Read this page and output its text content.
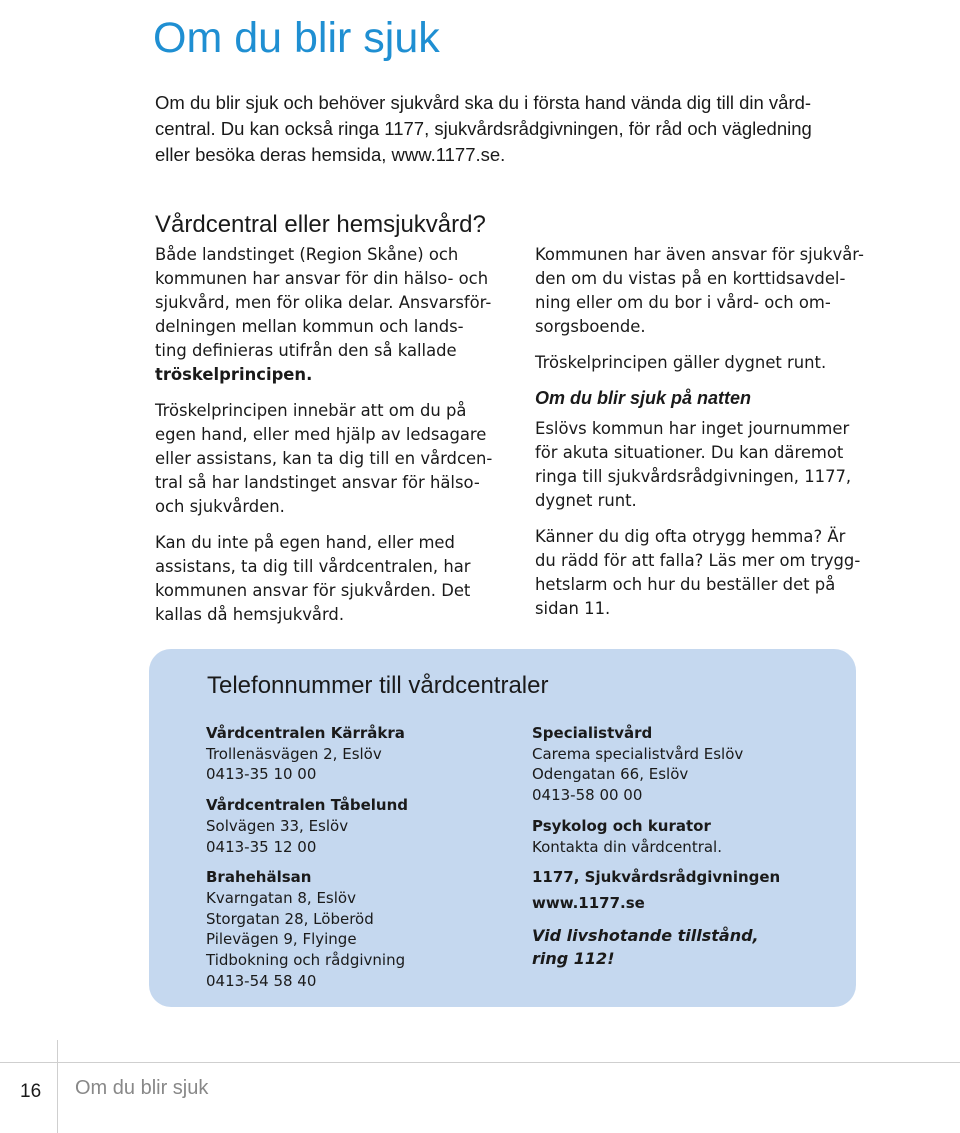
Om du blir sjuk

Om du blir sjuk och behöver sjukvård ska du i första hand vända dig till din vård-
central. Du kan också ringa 1177, sjukvårdsrådgivningen, för råd och vägledning
eller besöka deras hemsida, www.1177.se.

Vårdcentral eller hemsjukvård?

Både landstinget (Region Skåne) och
kommunen har ansvar för din hälso- och
sjukvård, men för olika delar. Ansvarsför-
delningen mellan kommun och lands-
ting definieras utifrån den så kallade
tröskelprincipen.

Tröskelprincipen innebär att om du på
egen hand, eller med hjälp av ledsagare
eller assistans, kan ta dig till en vårdcen-
tral så har landstinget ansvar för hälso-
och sjukvården.

Kan du inte på egen hand, eller med
assistans, ta dig till vårdcentralen, har
kommunen ansvar för sjukvården. Det
kallas då hemsjukvård.

Kommunen har även ansvar för sjukvår-
den om du vistas på en korttidsavdel-
ning eller om du bor i vård- och om-
sorgsboende.

Tröskelprincipen gäller dygnet runt.

Om du blir sjuk på natten

Eslövs kommun har inget journummer
för akuta situationer. Du kan däremot
ringa till sjukvårdsrådgivningen, 1177,
dygnet runt.

Känner du dig ofta otrygg hemma? Är
du rädd för att falla? Läs mer om trygg-
hetslarm och hur du beställer det på
sidan 11.

Telefonnummer till vårdcentraler
Vårdcentralen Kärråkra
Trollenäsvägen 2, Eslöv
0413-35 10 00
Vårdcentralen Tåbelund
Solvägen 33, Eslöv
0413-35 12 00
Brahehälsan
Kvarngatan 8, Eslöv
Storgatan 28, Löberöd
Pilevägen 9, Flyinge
Tidbokning och rådgivning
0413-54 58 40
Specialistvård
Carema specialistvård Eslöv
Odengatan 66, Eslöv
0413-58 00 00
Psykolog och kurator
Kontakta din vårdcentral.
1177, Sjukvårdsrådgivningen
www.1177.se
Vid livshotande tillstånd,
ring 112!

16 Om du blir sjuk
